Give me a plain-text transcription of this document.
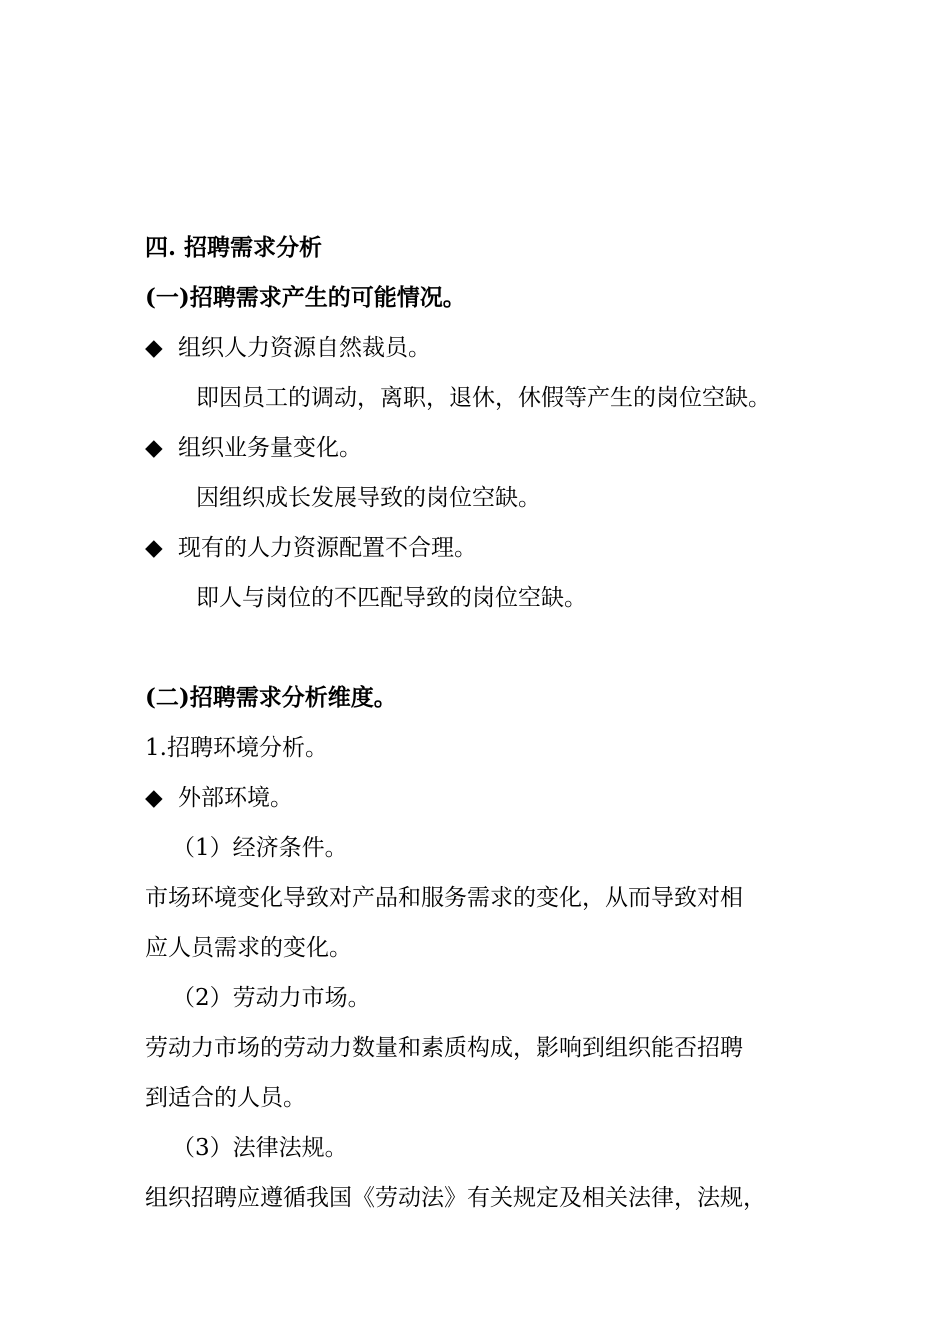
四. 招聘需求分析
(一)招聘需求产生的可能情况。
◆ 组织人力资源自然裁员。
即因员工的调动，离职，退休，休假等产生的岗位空缺。
◆ 组织业务量变化。
因组织成长发展导致的岗位空缺。
◆ 现有的人力资源配置不合理。
即人与岗位的不匹配导致的岗位空缺。
(二)招聘需求分析维度。
1.招聘环境分析。
◆ 外部环境。
（1）经济条件。
市场环境变化导致对产品和服务需求的变化，从而导致对相
应人员需求的变化。
（2）劳动力市场。
劳动力市场的劳动力数量和素质构成，影响到组织能否招聘
到适合的人员。
（3）法律法规。
组织招聘应遵循我国《劳动法》有关规定及相关法律，法规，
